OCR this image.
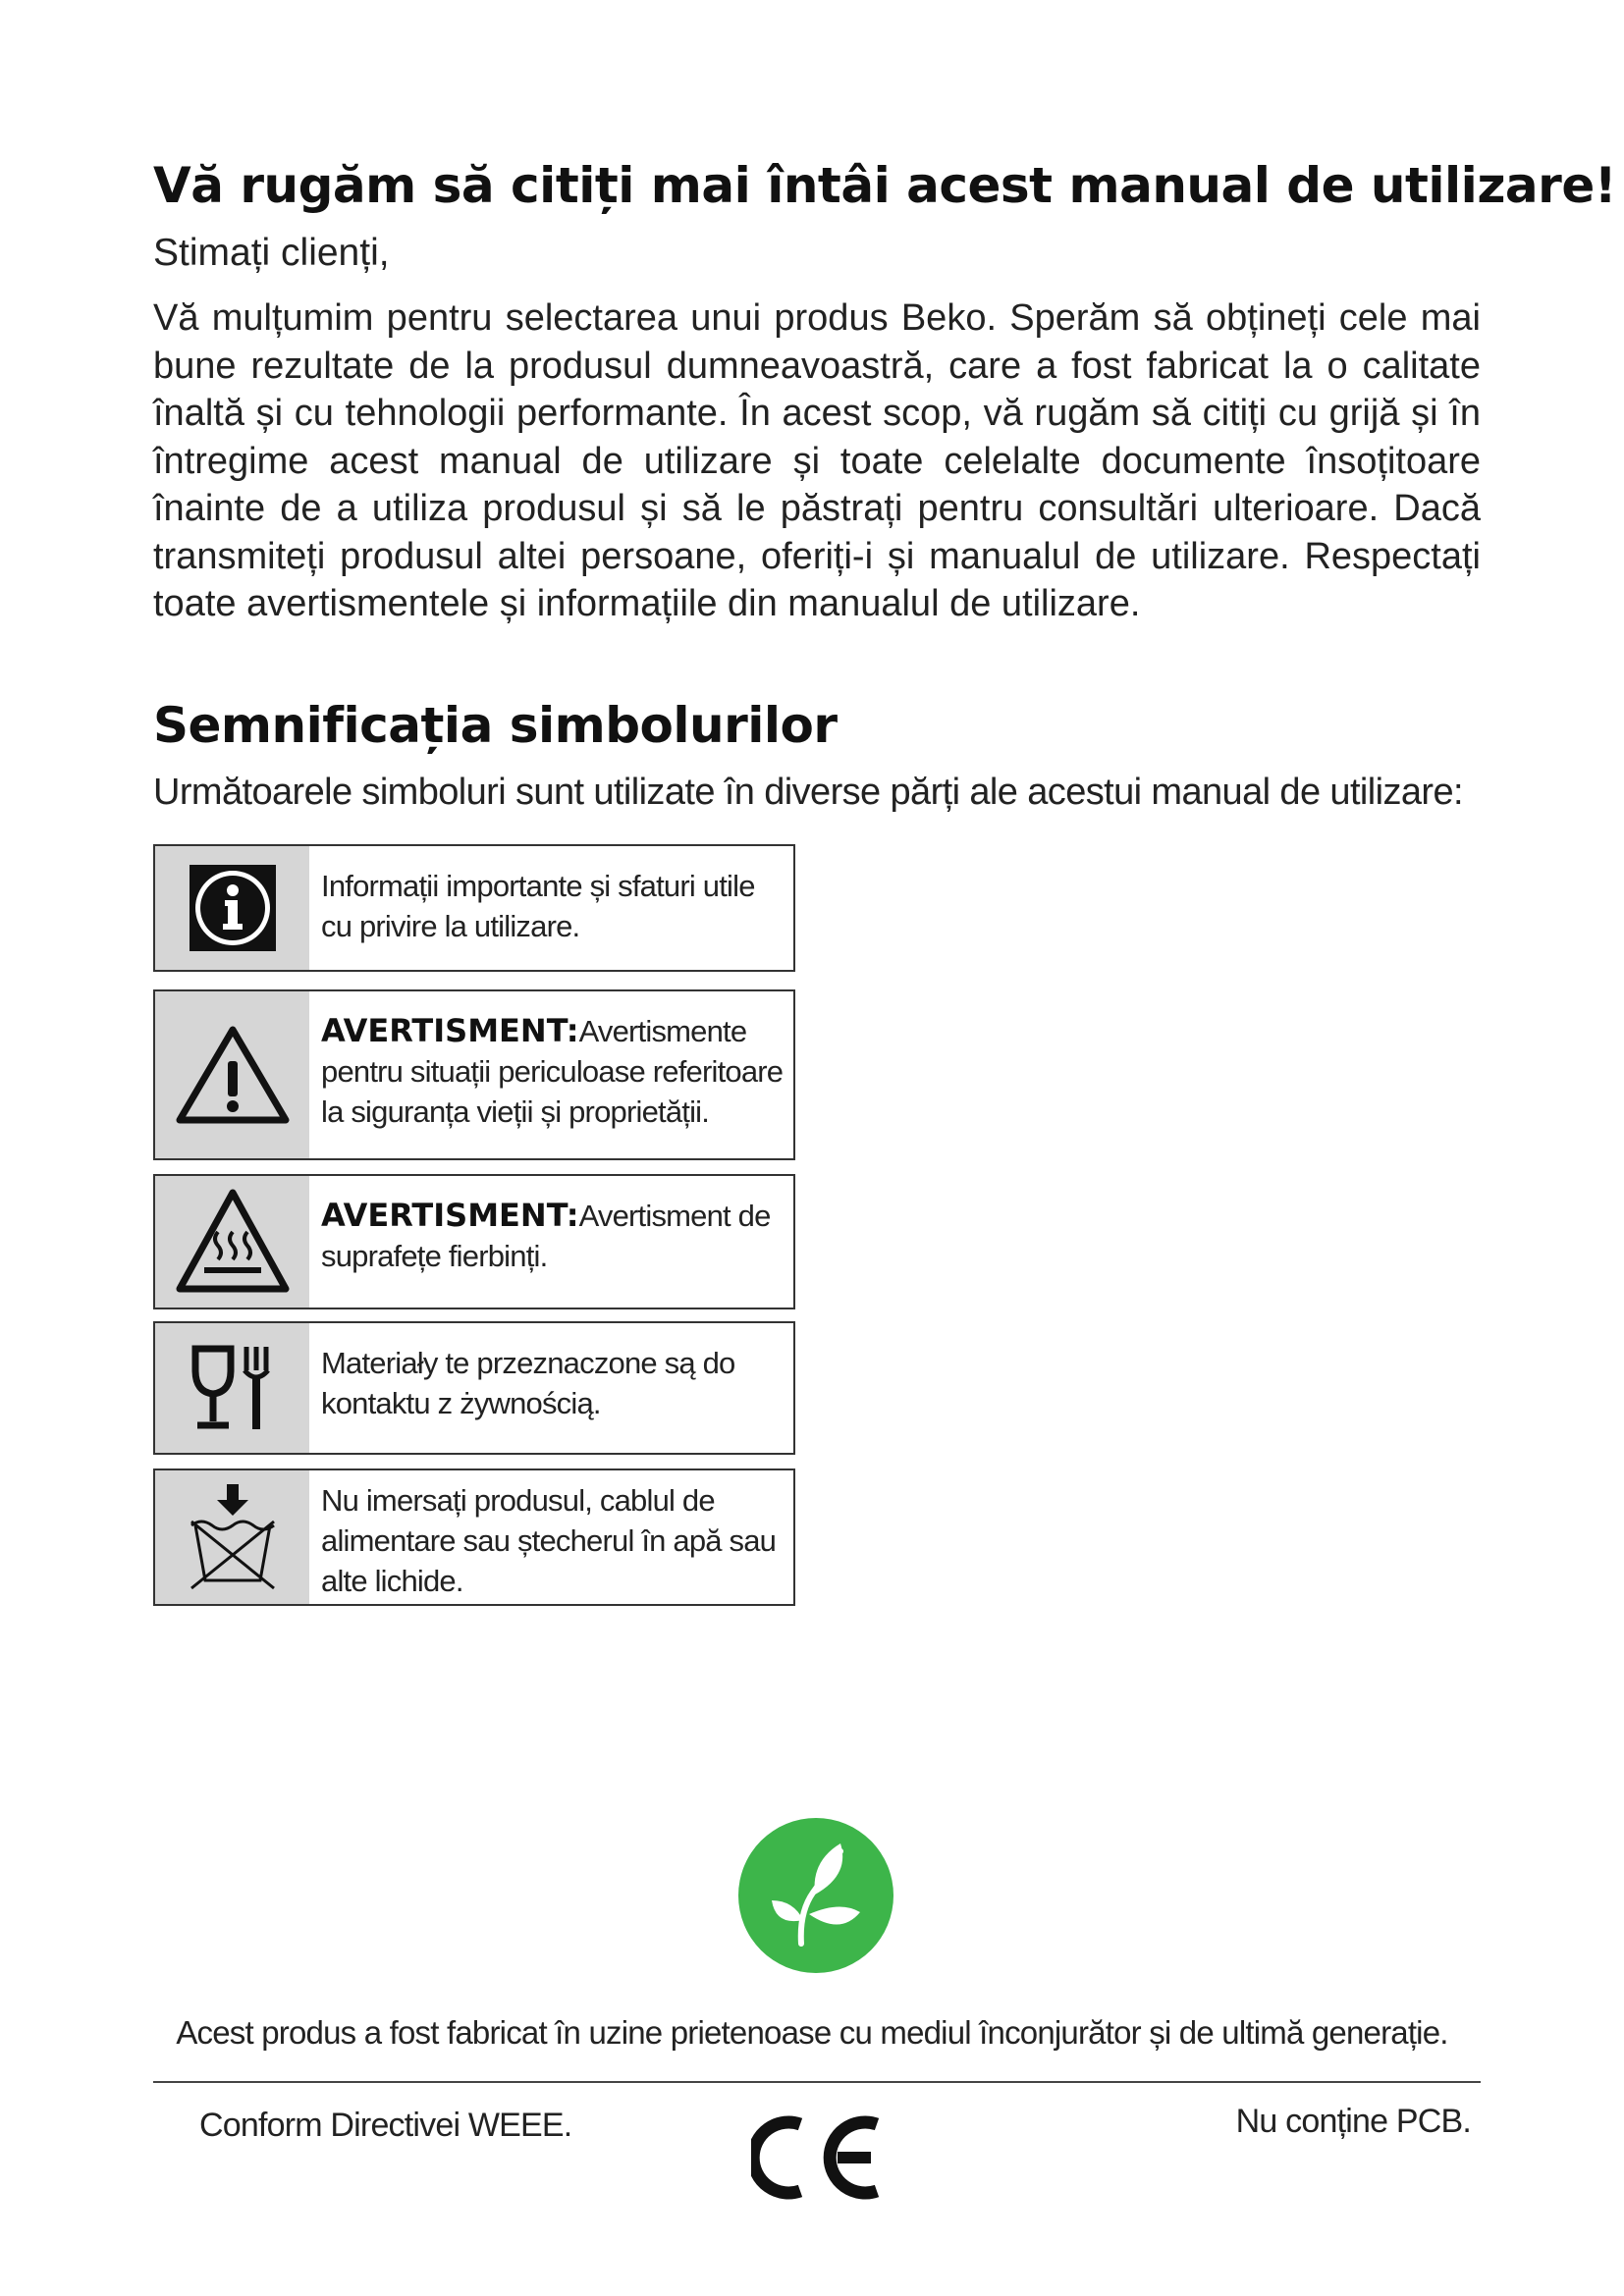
Vă rugăm să citiți mai întâi acest manual de utilizare!

Stimați clienți,

Vă mulțumim pentru selectarea unui produs Beko. Sperăm să obțineți cele mai bune rezultate de la produsul dumneavoastră, care a fost fabricat la o calitate înaltă și cu tehnologii performante. În acest scop, vă rugăm să citiți cu grijă și în întregime acest manual de utilizare și toate celelalte documente însoțitoare înainte de a utiliza produsul și să le păstrați pentru consultări ulterioare. Dacă transmiteți produsul altei persoane, oferiți-i și manualul de utilizare. Respectați toate avertismentele și informațiile din manualul de utilizare.

Semnificația simbolurilor

Următoarele simboluri sunt utilizate în diverse părți ale acestui manual de utilizare:

Informații importante și sfaturi utile cu privire la utilizare.
AVERTISMENT:Avertismente pentru situații periculoase referitoare la siguranța vieții și proprietății.
AVERTISMENT:Avertisment de suprafețe fierbinți.
Materiały te przeznaczone są do kontaktu z żywnością.
Nu imersați produsul, cablul de alimentare sau ștecherul în apă sau alte lichide.

Acest produs a fost fabricat în uzine prietenoase cu mediul înconjurător și de ultimă generație.

Conform Directivei WEEE.	Nu conține PCB.
